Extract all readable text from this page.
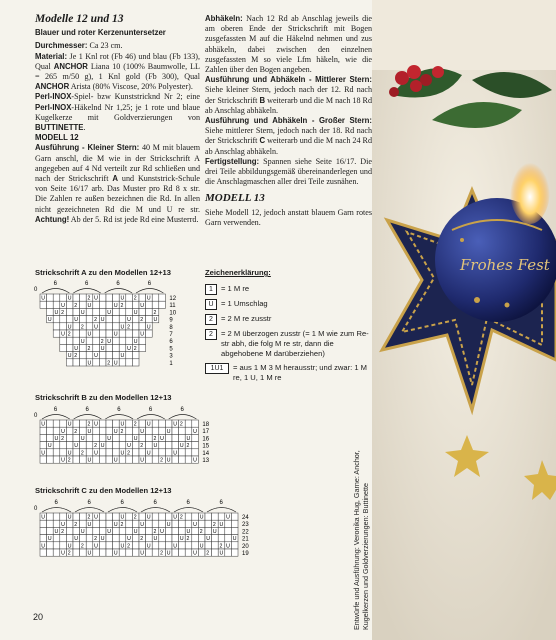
Modelle 12 und 13
Blauer und roter Kerzenuntersetzer

Durchmesser: Ca 23 cm.

Material: Je 1 Knl rot (Fb 46) und blau (Fb 133), Qual ANCHOR Liana 10 (100% Baumwolle, LL = 265 m/50 g), 1 Knl gold (Fb 300), Qual ANCHOR Arista (80% Viscose, 20% Polyester).

Perl-INOX-Spiel- bzw Kunststricknd Nr 2; eine Perl-INOX-Häkelnd Nr 1,25; je 1 rote und blaue Kugelkerze mit Goldverzierungen von BUTTINETTE.

MODELL 12

Ausführung - Kleiner Stern: 40 M mit blauem Garn anschl, die M wie in der Strickschrift A angegeben auf 4 Nd verteilt zur Rd schließen und nach der Strickschrift A und Kunststrick-Schule von Seite 16/17 arb. Das Muster pro Rd 8 x str. Die Zahlen re außen bezeichnen die Rd. In allen nicht gezeichneten Rd die M und U re str. Achtung! Ab der 5. Rd ist jede Rd eine Musterrd.

Abhäkeln: Nach 12 Rd ab Anschlag jeweils die am oberen Ende der Strickschrift mit Bogen zusgefassten M auf die Häkelnd nehmen und zus abhäkeln, dabei zwischen den einzelnen zusgefassten M so viele Lfm häkeln, wie die Zahlen über den Bogen angeben.

Ausführung und Abhäkeln - Mittlerer Stern: Siehe kleiner Stern, jedoch nach der 12. Rd nach der Strickschrift B weiterarb und die M nach 18 Rd ab Anschlag abhäkeln.

Ausführung und Abhäkeln - Großer Stern: Siehe mittlerer Stern, jedoch nach der 18. Rd nach der Strickschrift C weiterarb und die M nach 24 Rd ab Anschlag abhäkeln.

Fertigstellung: Spannen siehe Seite 16/17. Die drei Teile abbildungsgemäß übereinanderlegen und die Anschlagmaschen aller drei Teile zusnähen.

MODELL 13

Siehe Modell 12, jedoch anstatt blauem Garn rotes Garn verwenden.

Strickschrift A zu den Modellen 12+13
6	6	6	6
0
U	U	2 U	U 2 U	12
U 2 U	U 2	U	11
U 2	U	U	U	2 10
U	U	2 U	U 2 U 9
U 2 U	U 2	U	8
U 2	U	U	U	7
U	2 U	U	6
U 2 U	U 2	5
U 2	U	U	3
U	2 U	1
Strickschrift B zu den Modellen 12+13
6	6	6	6	6
0
U	U	2 U	U 2 U	U 2	18
U 2 U	U 2	U	U	U 17
U 2	U	U	U	2 U	U 16
U	U	2 U	U 2 U	U 2 15
U	U 2 U	U 2	U	U	14
U 2	U	U	U	2 U	U 13
Strickschrift C zu den Modellen 12+13
6	6	6	6	6	6
0
U	U	2 U	U 2 U	U 2	U	U 24
U 2 U	U 2	U	U	U	2 U	23
U 2	U	U	U	2 U	U 2 U	22
U	U	2 U	U 2 U	U 2	U	U 21
U	U 2 U	U 2	U	U	U	2 U 20
U 2	U	U	U	2 U	U 2 U	19
Zeichenerklärung:
1	= 1 M re
U = 1 Umschlag
2	= 2 M re zusstr
2	= 2 M überzogen zusstr (= 1 M wie zum Re-str abh, die folg M re str, dann die abgehobene M darüberziehen)
1U1	= aus 1 M 3 M herausstr; und zwar: 1 M re, 1 U, 1 M re
20	Entwürfe und Ausführung: Veronika Hug, Garne: Anchor, Kugelkerzen und Goldverzierungen: Buttinette
Frohes Fest
